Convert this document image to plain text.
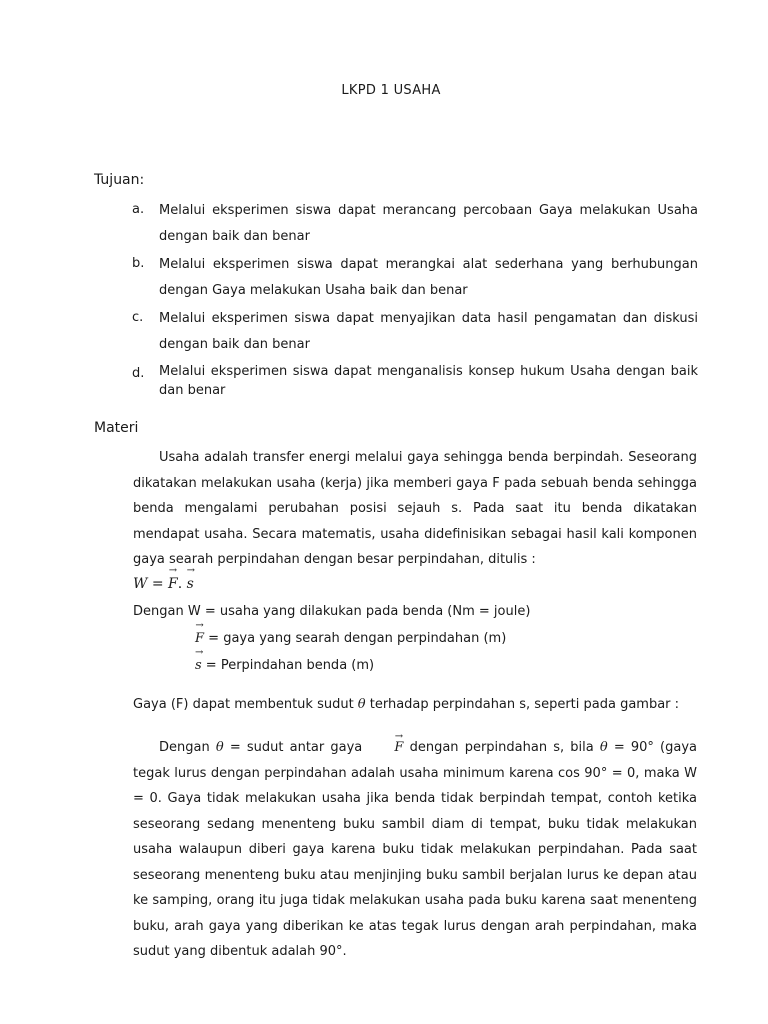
LKPD 1 USAHA
Tujuan:
a. Melalui eksperimen siswa dapat merancang percobaan Gaya melakukan Usaha dengan baik dan benar
b. Melalui eksperimen siswa dapat merangkai alat sederhana yang berhubungan dengan Gaya melakukan Usaha baik dan benar
c. Melalui eksperimen siswa dapat menyajikan data hasil pengamatan dan diskusi dengan baik dan benar
d. Melalui eksperimen siswa dapat menganalisis konsep hukum Usaha dengan baik dan benar
Materi
Usaha adalah transfer energi melalui gaya sehingga benda berpindah. Seseorang dikatakan melakukan usaha (kerja) jika memberi gaya F pada sebuah benda sehingga benda mengalami perubahan posisi sejauh s. Pada saat itu benda dikatakan mendapat usaha. Secara matematis, usaha didefinisikan sebagai hasil kali komponen gaya searah perpindahan dengan besar perpindahan, ditulis :
W = → F. → s
Dengan W = usaha yang dilakukan pada benda (Nm = joule)
→ F = gaya yang searah dengan perpindahan (m)
→ s = Perpindahan benda (m)
Gaya (F) dapat membentuk sudut θ terhadap perpindahan s, seperti pada gambar :
Dengan θ = sudut antar gaya → F dengan perpindahan s, bila θ = 90° (gaya tegak lurus dengan perpindahan adalah usaha minimum karena cos 90° = 0, maka W = 0. Gaya tidak melakukan usaha jika benda tidak berpindah tempat, contoh ketika seseorang sedang menenteng buku sambil diam di tempat, buku tidak melakukan usaha walaupun diberi gaya karena buku tidak melakukan perpindahan. Pada saat seseorang menenteng buku atau menjinjing buku sambil berjalan lurus ke depan atau ke samping, orang itu juga tidak melakukan usaha pada buku karena saat menenteng buku, arah gaya yang diberikan ke atas tegak lurus dengan arah perpindahan, maka sudut yang dibentuk adalah 90°.
